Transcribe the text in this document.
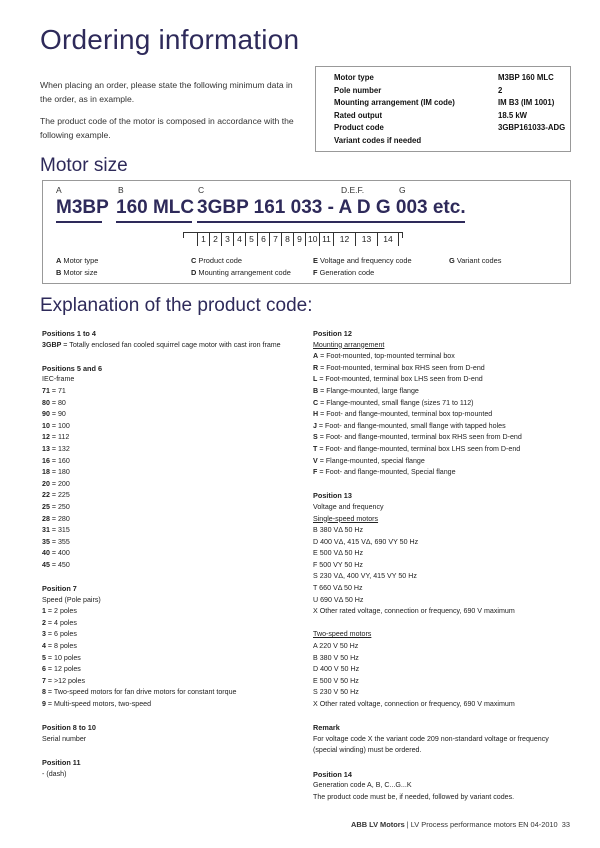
Ordering information

When placing an order, please state the following minimum data in the order, as in example.

The product code of the motor is composed in accordance with the following example.

Motor type	M3BP 160 MLC
Pole number	2
Mounting arrangement (IM code)	IM B3 (IM 1001)
Rated output	18.5 kW
Product code	3GBP161033-ADG
Variant codes if needed
Motor size
A	B	C	D.E.F.	G
M3BP 160 MLC 3GBP 161 033 - A D G 003 etc.
1 2 3 4 5 6 7 8 9 10 11	12	13	14
A Motor type	C Product code	E Voltage and frequency code	G Variant codes
B Motor size	D Mounting arrangement code	F Generation code
Explanation of the product code:

Positions 1 to 4

3GBP = Totally enclosed fan cooled squirrel cage motor with cast iron frame

Positions 5 and 6

IEC-frame

71 = 71

80 = 80

90 = 90

10 = 100

12 = 112

13 = 132

16 = 160

18 = 180

20 = 200

22 = 225

25 = 250

28 = 280

31 = 315

35 = 355

40 = 400

45 = 450

Position 7

Speed (Pole pairs)

1 = 2 poles

2 = 4 poles

3 = 6 poles

4 = 8 poles

5 = 10 poles

6 = 12 poles

7 = >12 poles

8 = Two-speed motors for fan drive motors for constant torque

9 = Multi-speed motors, two-speed

Position 8 to 10

Serial number

Position 11

- (dash)

Position 12

Mounting arrangement

A = Foot-mounted, top-mounted terminal box

R = Foot-mounted, terminal box RHS seen from D-end

L = Foot-mounted, terminal box LHS seen from D-end

B = Flange-mounted, large flange

C = Flange-mounted, small flange (sizes 71 to 112)

H = Foot- and flange-mounted, terminal box top-mounted

J = Foot- and flange-mounted, small flange with tapped holes

S = Foot- and flange-mounted, terminal box RHS seen from D-end

T = Foot- and flange-mounted, terminal box LHS seen from D-end

V = Flange-mounted, special flange

F = Foot- and flange-mounted, Special flange

Position 13

Voltage and frequency

Single-speed motors

B 380 VΔ 50 Hz

D 400 VΔ, 415 VΔ, 690 VY 50 Hz

E 500 VΔ 50 Hz

F 500 VY 50 Hz

S 230 VΔ, 400 VY, 415 VY 50 Hz

T 660 VΔ 50 Hz

U 690 VΔ 50 Hz

X Other rated voltage, connection or frequency, 690 V maximum

Two-speed motors

A 220 V 50 Hz

B 380 V 50 Hz

D 400 V 50 Hz

E 500 V 50 Hz

S 230 V 50 Hz

X Other rated voltage, connection or frequency, 690 V maximum

Remark

For voltage code X the variant code 209 non-standard voltage or frequency

(special winding) must be ordered.

Position 14

Generation code A, B, C...G...K

The product code must be, if needed, followed by variant codes.

ABB LV Motors | LV Process performance motors EN 04-2010 33
